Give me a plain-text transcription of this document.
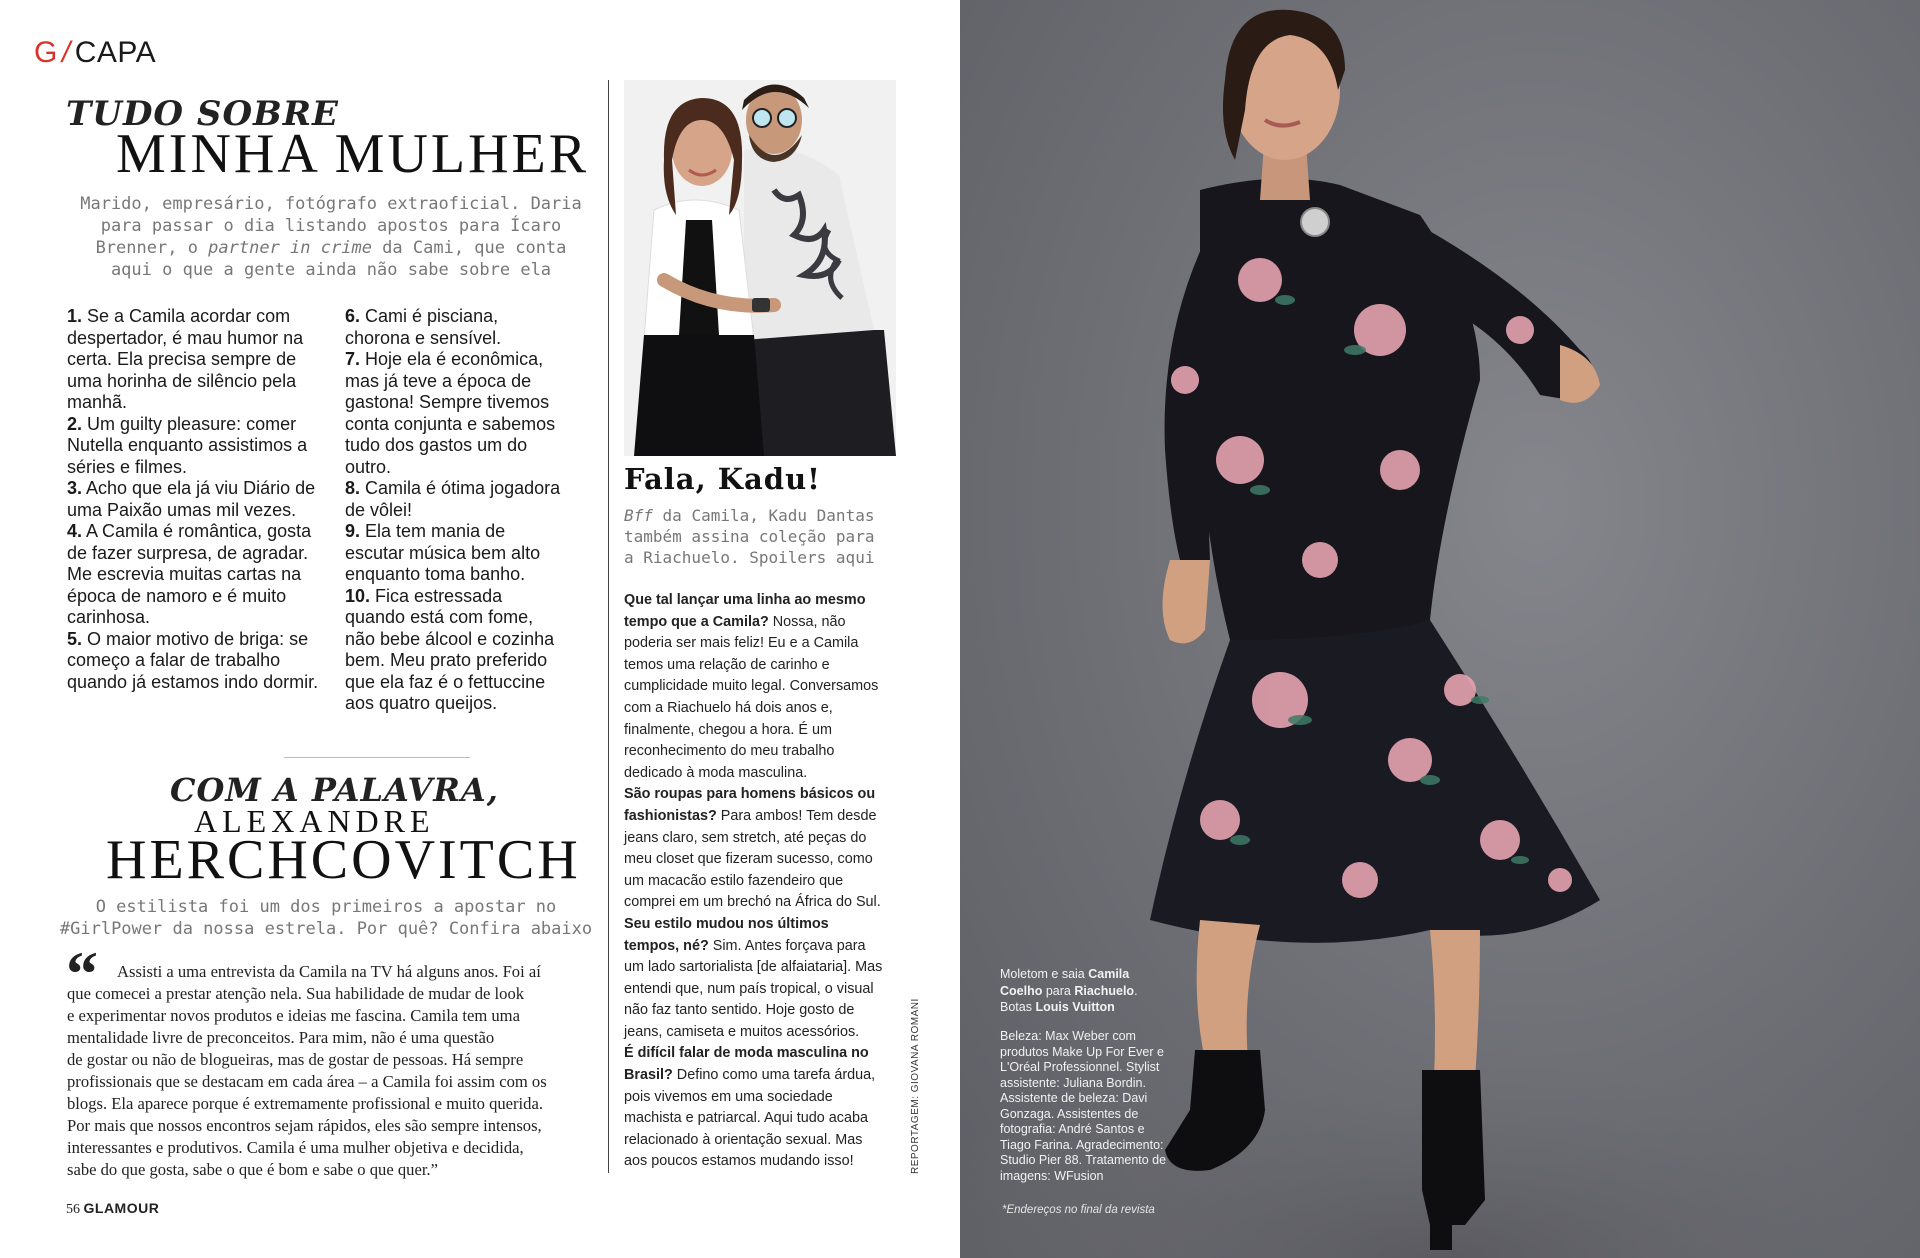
G / CAPA
TUDO SOBRE
MINHA MULHER
Marido, empresário, fotógrafo extraoficial. Daria
para passar o dia listando apostos para Ícaro
Brenner, o partner in crime da Cami, que conta
aqui o que a gente ainda não sabe sobre ela

1. Se a Camila acordar com despertador, é mau humor na certa. Ela precisa sempre de uma horinha de silêncio pela manhã.

2. Um guilty pleasure: comer Nutella enquanto assistimos a séries e filmes.

3. Acho que ela já viu Diário de uma Paixão umas mil vezes.

4. A Camila é romântica, gosta de fazer surpresa, de agradar. Me escrevia muitas cartas na época de namoro e é muito carinhosa.

5. O maior motivo de briga: se começo a falar de trabalho quando já estamos indo dormir.

6. Cami é pisciana, chorona e sensível.

7. Hoje ela é econômica, mas já teve a época de gastona! Sempre tivemos conta conjunta e sabemos tudo dos gastos um do outro.

8. Camila é ótima jogadora de vôlei!

9. Ela tem mania de escutar música bem alto enquanto toma banho.

10. Fica estressada quando está com fome, não bebe álcool e cozinha bem. Meu prato preferido que ela faz é o fettuccine aos quatro queijos.

COM A PALAVRA,
ALEXANDRE
HERCHCOVITCH
O estilista foi um dos primeiros a apostar no
#GirlPower da nossa estrela. Por quê? Confira abaixo
“	Assisti a uma entrevista da Camila na TV há alguns anos. Foi aí
que comecei a prestar atenção nela. Sua habilidade de mudar de look
e experimentar novos produtos e ideias me fascina. Camila tem uma
mentalidade livre de preconceitos. Para mim, não é uma questão
de gostar ou não de blogueiras, mas de gostar de pessoas. Há sempre
profissionais que se destacam em cada área – a Camila foi assim com os
blogs. Ela aparece porque é extremamente profissional e muito querida.
Por mais que nossos encontros sejam rápidos, eles são sempre intensos,
interessantes e produtivos. Camila é uma mulher objetiva e decidida,
sabe do que gosta, sabe o que é bom e sabe o que quer.”
Fala, Kadu!
Bff da Camila, Kadu Dantas
também assina coleção para
a Riachuelo. Spoilers aqui

Que tal lançar uma linha ao mesmo tempo que a Camila? Nossa, não poderia ser mais feliz! Eu e a Camila temos uma relação de carinho e cumplicidade muito legal. Conversamos com a Riachuelo há dois anos e, finalmente, chegou a hora. É um reconhecimento do meu trabalho dedicado à moda masculina.

São roupas para homens básicos ou fashionistas? Para ambos! Tem desde jeans claro, sem stretch, até peças do meu closet que fizeram sucesso, como um macacão estilo fazendeiro que comprei em um brechó na África do Sul.

Seu estilo mudou nos últimos tempos, né? Sim. Antes forçava para um lado sartorialista [de alfaiataria]. Mas entendi que, num país tropical, o visual não faz tanto sentido. Hoje gosto de jeans, camiseta e muitos acessórios.

É difícil falar de moda masculina no Brasil? Defino como uma tarefa árdua, pois vivemos em uma sociedade machista e patriarcal. Aqui tudo acaba relacionado à orientação sexual. Mas aos poucos estamos mudando isso!	REPORTAGEM: GIOVANA ROMANI
56 GLAMOUR
Moletom e saia Camila
Coelho para Riachuelo.
Botas Louis Vuitton
Beleza: Max Weber com
produtos Make Up For Ever e
L'Oréal Professionnel. Stylist
assistente: Juliana Bordin.
Assistente de beleza: Davi
Gonzaga. Assistentes de
fotografia: André Santos e
Tiago Farina. Agradecimento:
Studio Pier 88. Tratamento de
imagens: WFusion
*Endereços no final da revista
